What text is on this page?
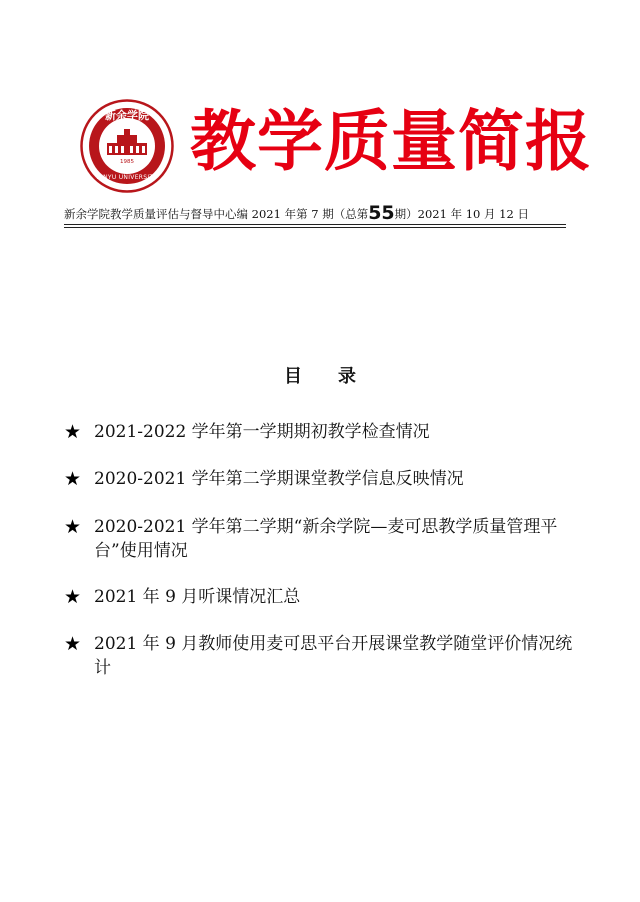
1985
新余学院
XINYU UNIVERSITY 教学质量简报
新余学院教学质量评估与督导中心编 2021 年第 7 期（总第55期）2021 年 10 月 12 日
目录
★ 2021-2022 学年第一学期期初教学检查情况
★ 2020-2021 学年第二学期课堂教学信息反映情况
★ 2020-2021 学年第二学期“新余学院—麦可思教学质量管理平台”使用情况
★ 2021 年 9 月听课情况汇总
★ 2021 年 9 月教师使用麦可思平台开展课堂教学随堂评价情况统计
